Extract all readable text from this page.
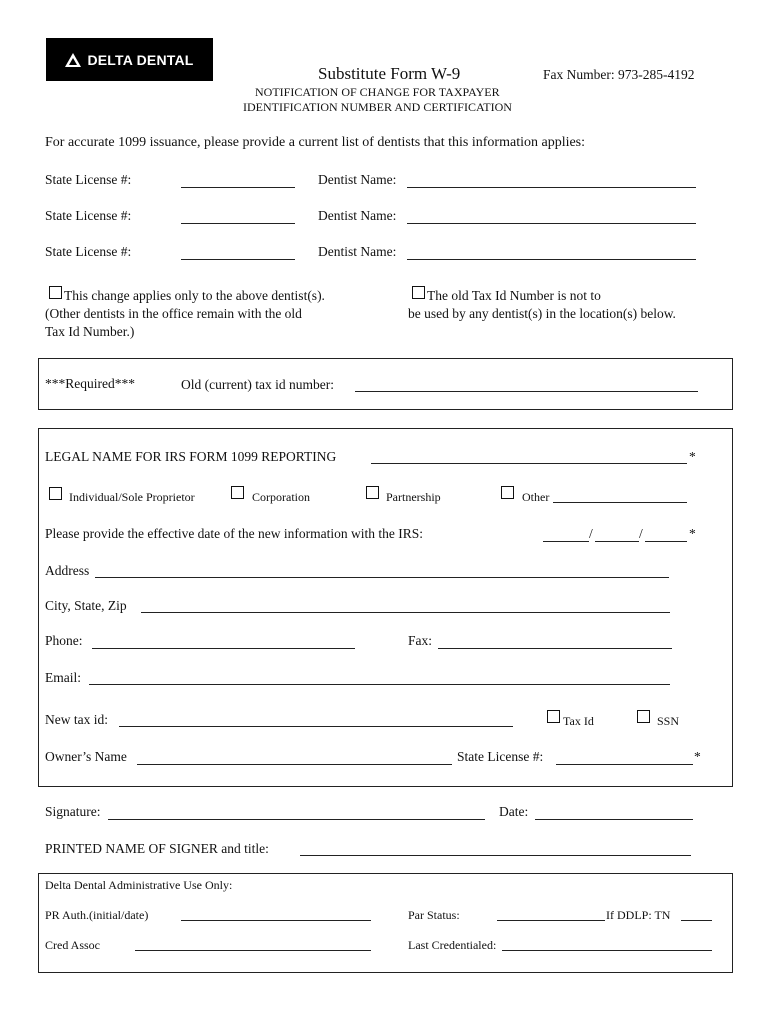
DELTA DENTAL
Substitute Form W-9	Fax Number: 973-285-4192
NOTIFICATION OF CHANGE FOR TAXPAYER
IDENTIFICATION NUMBER AND CERTIFICATION
For accurate 1099 issuance, please provide a current list of dentists that this information applies:
State License #:	Dentist Name:
State License #:	Dentist Name:
State License #:	Dentist Name:
This change applies only to the above dentist(s).
(Other dentists in the office remain with the old
Tax Id Number.)
The old Tax Id Number is not to
be used by any dentist(s) in the location(s) below.
***Required***	Old (current) tax id number:
LEGAL NAME FOR IRS FORM 1099 REPORTING	*
Individual/Sole Proprietor	Corporation	Partnership	Other
Please provide the effective date of the new information with the IRS:	/	/	*
Address
City, State, Zip
Phone:	Fax:
Email:
New tax id:	Tax Id	SSN
Owner’s Name	State License #:	*
Signature:	Date:
PRINTED NAME OF SIGNER and title:
Delta Dental Administrative Use Only:
PR Auth.(initial/date)	Par Status:	If DDLP: TN
Cred Assoc	Last Credentialed:
